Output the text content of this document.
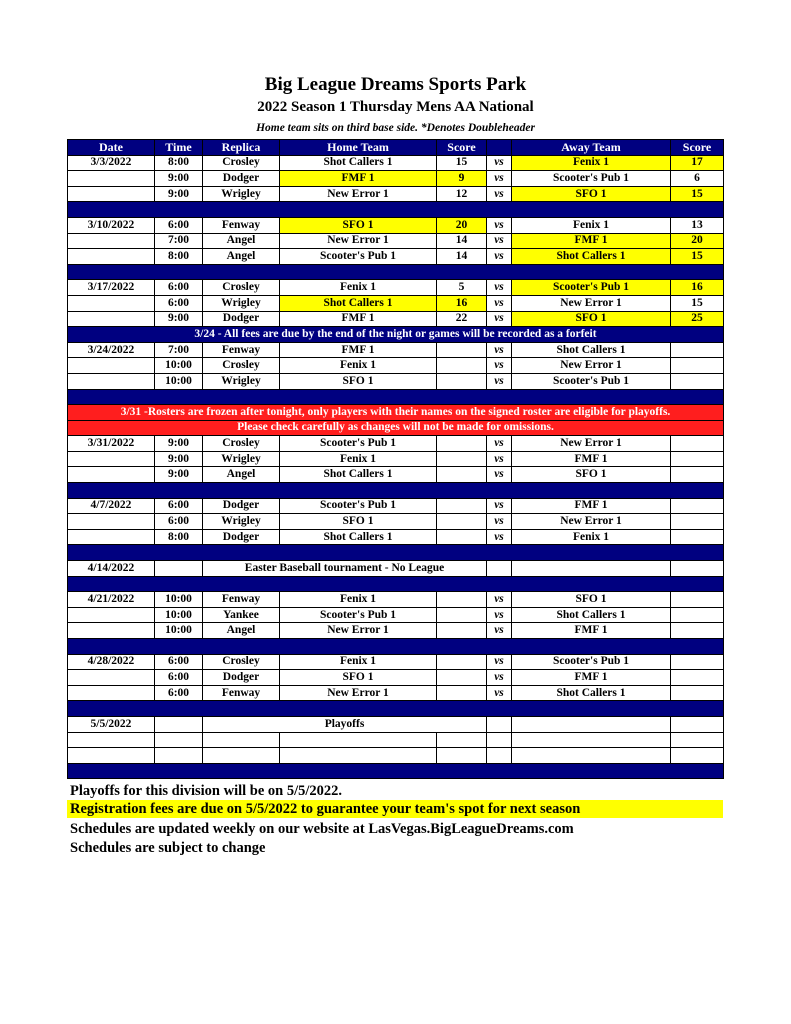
Big League Dreams Sports Park
2022 Season 1 Thursday Mens AA National
Home team sits on third base side. *Denotes Doubleheader
Date	Time	Replica	Home Team	Score		Away Team	Score
3/3/2022	8:00	Crosley	Shot Callers 1	15	vs	Fenix 1	17
	9:00	Dodger	FMF 1	9	vs	Scooter's Pub 1	6
	9:00	Wrigley	New Error 1	12	vs	SFO 1	15

3/10/2022	6:00	Fenway	SFO 1	20	vs	Fenix 1	13
	7:00	Angel	New Error 1	14	vs	FMF 1	20
	8:00	Angel	Scooter's Pub 1	14	vs	Shot Callers 1	15

3/17/2022	6:00	Crosley	Fenix 1	5	vs	Scooter's Pub 1	16
	6:00	Wrigley	Shot Callers 1	16	vs	New Error 1	15
	9:00	Dodger	FMF 1	22	vs	SFO 1	25
3/24 - All fees are due by the end of the night or games will be recorded as a forfeit							
3/24/2022	7:00	Fenway	FMF 1		vs	Shot Callers 1	
	10:00	Crosley	Fenix 1		vs	New Error 1	
	10:00	Wrigley	SFO 1		vs	Scooter's Pub 1	

3/31 -Rosters are frozen after tonight, only players with their names on the signed roster are eligible for playoffs.							
Please check carefully as changes will not be made for omissions.							
3/31/2022	9:00	Crosley	Scooter's Pub 1		vs	New Error 1	
	9:00	Wrigley	Fenix 1		vs	FMF 1	
	9:00	Angel	Shot Callers 1		vs	SFO 1	

4/7/2022	6:00	Dodger	Scooter's Pub 1		vs	FMF 1	
	6:00	Wrigley	SFO 1		vs	New Error 1	
	8:00	Dodger	Shot Callers 1		vs	Fenix 1	

4/14/2022		Easter Baseball tournament - No League					

4/21/2022	10:00	Fenway	Fenix 1		vs	SFO 1	
	10:00	Yankee	Scooter's Pub 1		vs	Shot Callers 1	
	10:00	Angel	New Error 1		vs	FMF 1	

4/28/2022	6:00	Crosley	Fenix 1		vs	Scooter's Pub 1	
	6:00	Dodger	SFO 1		vs	FMF 1	
	6:00	Fenway	New Error 1		vs	Shot Callers 1	

5/5/2022		Playoffs					

Playoffs for this division will be on 5/5/2022.
Registration fees are due on 5/5/2022 to guarantee your team's spot for next season
Schedules are updated weekly on our website at LasVegas.BigLeagueDreams.com
Schedules are subject to change
